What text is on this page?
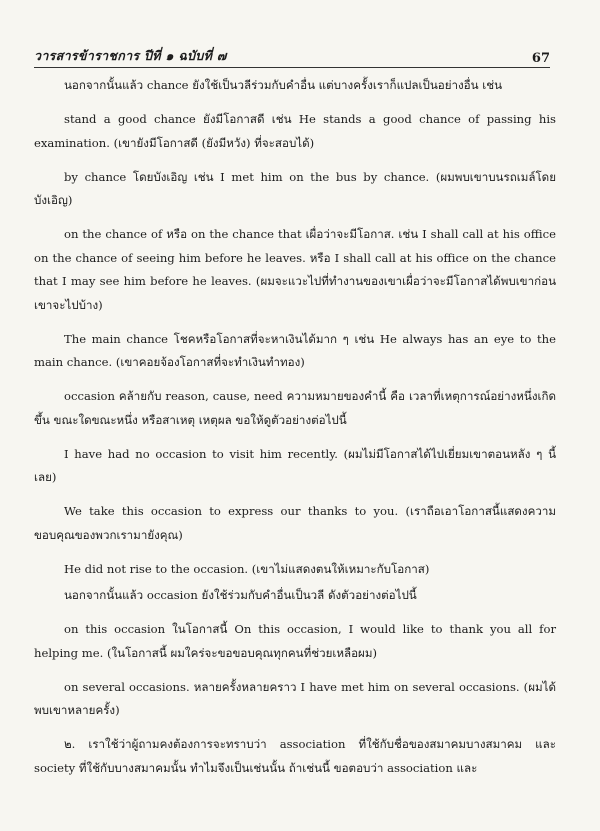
วารสารข้าราชการ ปีที่ ๑ ฉบับที่ ๗	67

นอกจากนั้นแล้ว chance ยังใช้เป็นวลีร่วมกับคำอื่น แต่บางครั้งเราก็แปลเป็นอย่างอื่น เช่น

stand a good chance ยังมีโอกาสดี เช่น He stands a good chance of passing his examination. (เขายังมีโอกาสดี (ยังมีหวัง) ที่จะสอบได้)

by chance โดยบังเอิญ เช่น I met him on the bus by chance. (ผมพบเขาบนรถเมล์โดยบังเอิญ)

on the chance of หรือ on the chance that เผื่อว่าจะมีโอกาส. เช่น I shall call at his office on the chance of seeing him before he leaves. หรือ I shall call at his office on the chance that I may see him before he leaves. (ผมจะแวะไปที่ทำงานของเขาเผื่อว่าจะมีโอกาสได้พบเขาก่อนเขาจะไปบ้าง)

The main chance โชคหรือโอกาสที่จะหาเงินได้มาก ๆ เช่น He always has an eye to the main chance. (เขาคอยจ้องโอกาสที่จะทำเงินทำทอง)

occasion คล้ายกับ reason, cause, need ความหมายของคำนี้ คือ เวลาที่เหตุการณ์อย่างหนึ่งเกิดขึ้น ขณะใดขณะหนึ่ง หรือสาเหตุ เหตุผล ขอให้ดูตัวอย่างต่อไปนี้

I have had no occasion to visit him recently. (ผมไม่มีโอกาสได้ไปเยี่ยมเขาตอนหลัง ๆ นี้เลย)

We take this occasion to express our thanks to you. (เราถือเอาโอกาสนี้แสดงความขอบคุณของพวกเรามายังคุณ)

He did not rise to the occasion. (เขาไม่แสดงตนให้เหมาะกับโอกาส)

นอกจากนั้นแล้ว occasion ยังใช้ร่วมกับคำอื่นเป็นวลี ดังตัวอย่างต่อไปนี้

on this occasion ในโอกาสนี้ On this occasion, I would like to thank you all for helping me. (ในโอกาสนี้ ผมใคร่จะขอขอบคุณทุกคนที่ช่วยเหลือผม)

on several occasions. หลายครั้งหลายคราว I have met him on several occasions. (ผมได้พบเขาหลายครั้ง)

๒. เราใช้ว่าผู้ถามคงต้องการจะทราบว่า association ที่ใช้กับชื่อของสมาคมบางสมาคม และ society ที่ใช้กับบางสมาคมนั้น ทำไมจึงเป็นเช่นนั้น ถ้าเช่นนี้ ขอตอบว่า association และ
